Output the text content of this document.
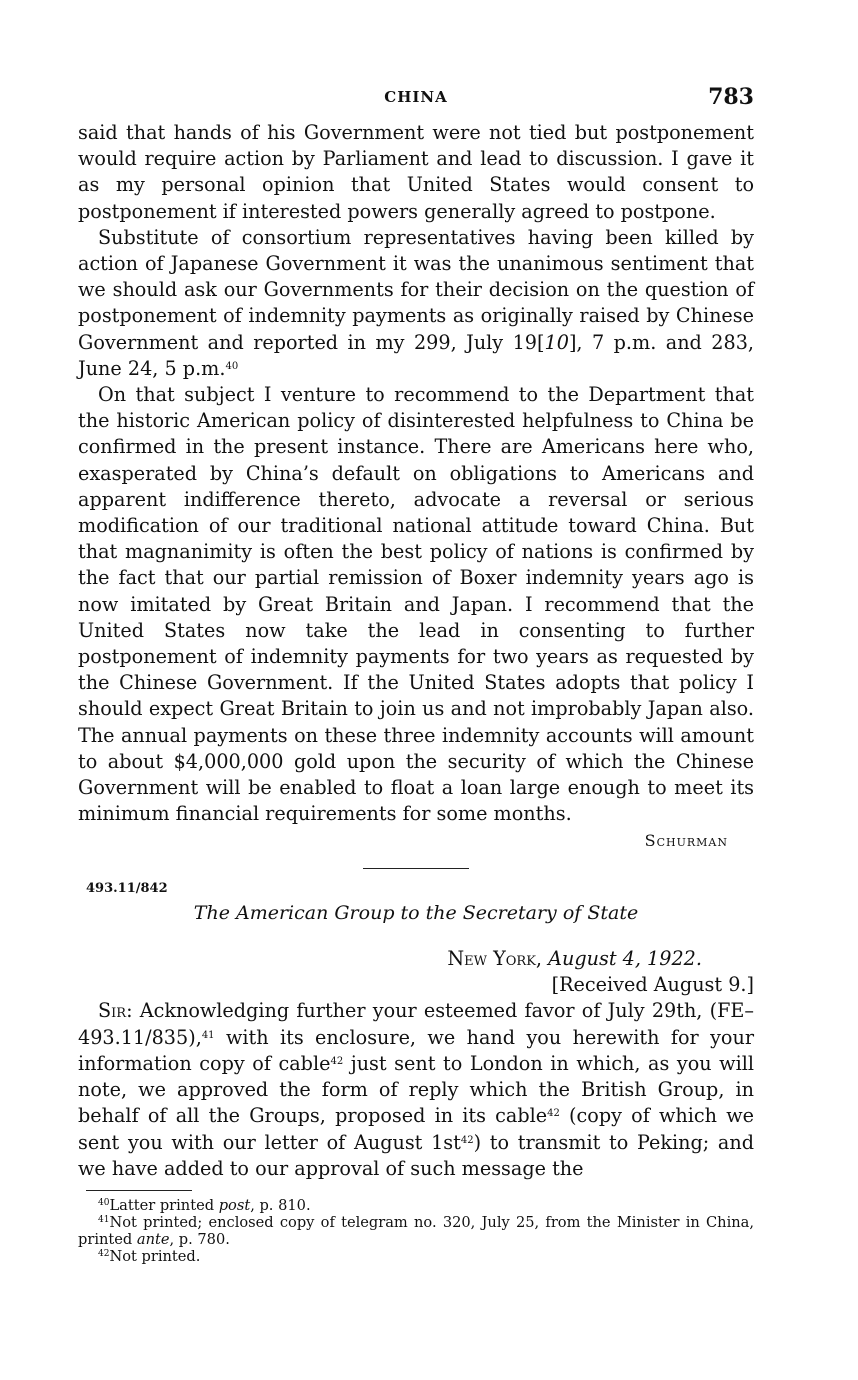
CHINA	783

said that hands of his Government were not tied but postponement would require action by Parliament and lead to discussion. I gave it as my personal opinion that United States would consent to postponement if interested powers generally agreed to postpone.

Substitute of consortium representatives having been killed by action of Japanese Government it was the unanimous sentiment that we should ask our Governments for their decision on the question of postponement of indemnity payments as originally raised by Chinese Government and reported in my 299, July 19[10], 7 p.m. and 283, June 24, 5 p.m.$^{40}$

On that subject I venture to recommend to the Department that the historic American policy of disinterested helpfulness to China be confirmed in the present instance. There are Americans here who, exasperated by China’s default on obligations to Americans and apparent indifference thereto, advocate a reversal or serious modification of our traditional national attitude toward China. But that magnanimity is often the best policy of nations is confirmed by the fact that our partial remission of Boxer indemnity years ago is now imitated by Great Britain and Japan. I recommend that the United States now take the lead in consenting to further postponement of indemnity payments for two years as requested by the Chinese Government. If the United States adopts that policy I should expect Great Britain to join us and not improbably Japan also. The annual payments on these three indemnity accounts will amount to about $4,000,000 gold upon the security of which the Chinese Government will be enabled to float a loan large enough to meet its minimum financial requirements for some months.

Schurman
493.11/842
The American Group to the Secretary of State
New York, August 4, 1922.
[Received August 9.]

Sir: Acknowledging further your esteemed favor of July 29th, (FE–493.11/835),$^{41}$ with its enclosure, we hand you herewith for your information copy of cable$^{42}$ just sent to London in which, as you will note, we approved the form of reply which the British Group, in behalf of all the Groups, proposed in its cable$^{42}$ (copy of which we sent you with our letter of August $1st^{42}$) to transmit to Peking; and we have added to our approval of such message the

$^{40}$Latter printed post, p. 810.

$^{41}$Not printed; enclosed copy of telegram no. 320, July 25, from the Minister in China, printed ante, p. 780.

$^{42}$Not printed.
